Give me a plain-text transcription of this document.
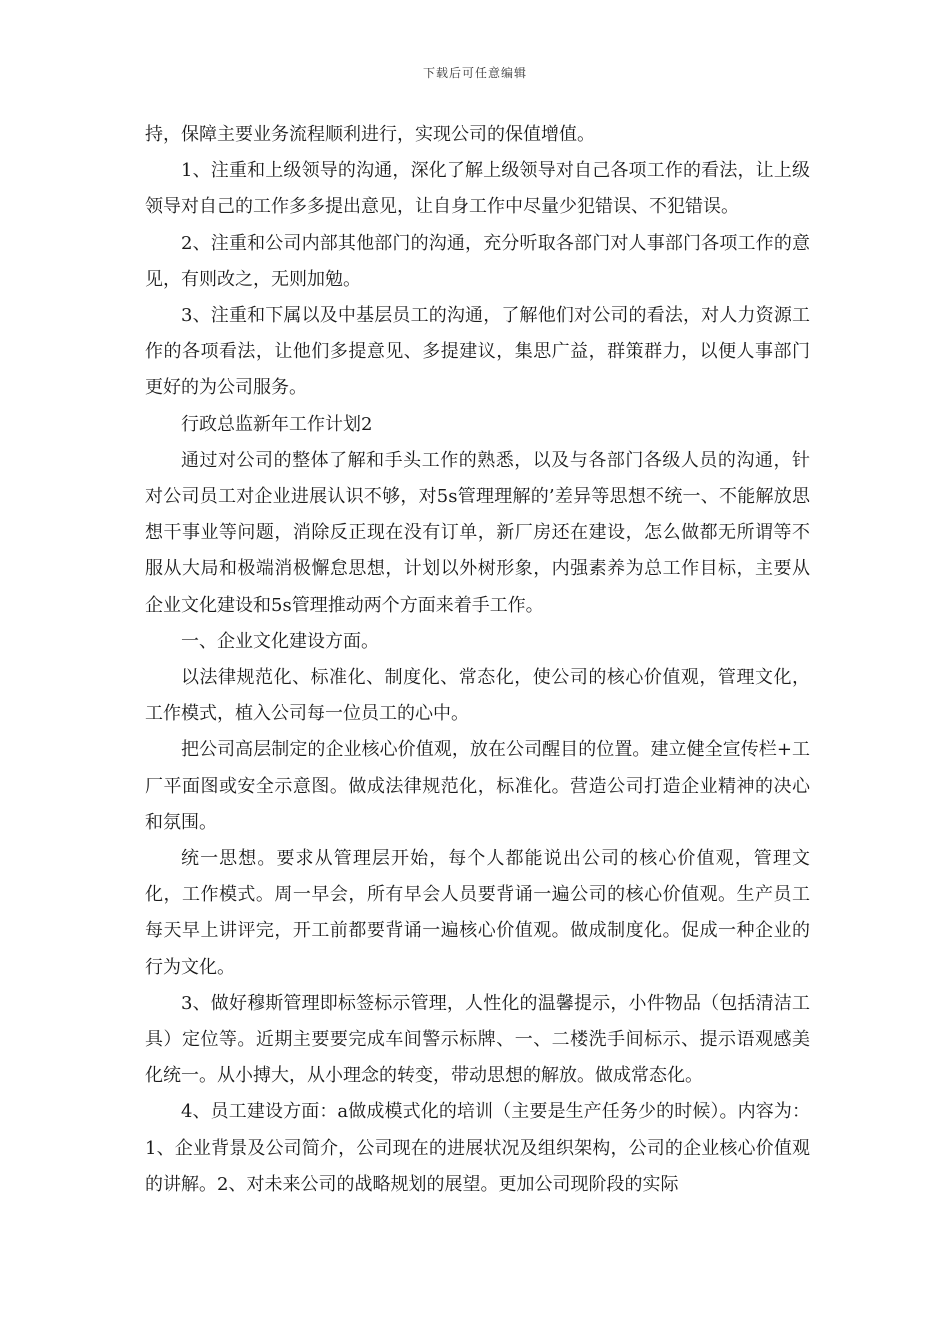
下载后可任意编辑

持，保障主要业务流程顺利进行，实现公司的保值增值。

1、注重和上级领导的沟通，深化了解上级领导对自己各项工作的看法，让上级领导对自己的工作多多提出意见，让自身工作中尽量少犯错误、不犯错误。

2、注重和公司内部其他部门的沟通，充分听取各部门对人事部门各项工作的意见，有则改之，无则加勉。

3、注重和下属以及中基层员工的沟通，了解他们对公司的看法，对人力资源工作的各项看法，让他们多提意见、多提建议，集思广益，群策群力，以便人事部门更好的为公司服务。

行政总监新年工作计划2

通过对公司的整体了解和手头工作的熟悉，以及与各部门各级人员的沟通，针对公司员工对企业进展认识不够，对5s管理理解的’差异等思想不统一、不能解放思想干事业等问题，消除反正现在没有订单，新厂房还在建设，怎么做都无所谓等不服从大局和极端消极懈怠思想，计划以外树形象，内强素养为总工作目标，主要从企业文化建设和5s管理推动两个方面来着手工作。

一、企业文化建设方面。

以法律规范化、标准化、制度化、常态化，使公司的核心价值观，管理文化，工作模式，植入公司每一位员工的心中。

把公司高层制定的企业核心价值观，放在公司醒目的位置。建立健全宣传栏+工厂平面图或安全示意图。做成法律规范化，标准化。营造公司打造企业精神的决心和氛围。

统一思想。要求从管理层开始，每个人都能说出公司的核心价值观，管理文化，工作模式。周一早会，所有早会人员要背诵一遍公司的核心价值观。生产员工每天早上讲评完，开工前都要背诵一遍核心价值观。做成制度化。促成一种企业的行为文化。

3、做好穆斯管理即标签标示管理，人性化的温馨提示，小件物品（包括清洁工具）定位等。近期主要要完成车间警示标牌、一、二楼洗手间标示、提示语观感美化统一。从小搏大，从小理念的转变，带动思想的解放。做成常态化。

4、员工建设方面：a做成模式化的培训（主要是生产任务少的时候）。内容为：1、企业背景及公司简介，公司现在的进展状况及组织架构，公司的企业核心价值观的讲解。2、对未来公司的战略规划的展望。更加公司现阶段的实际
